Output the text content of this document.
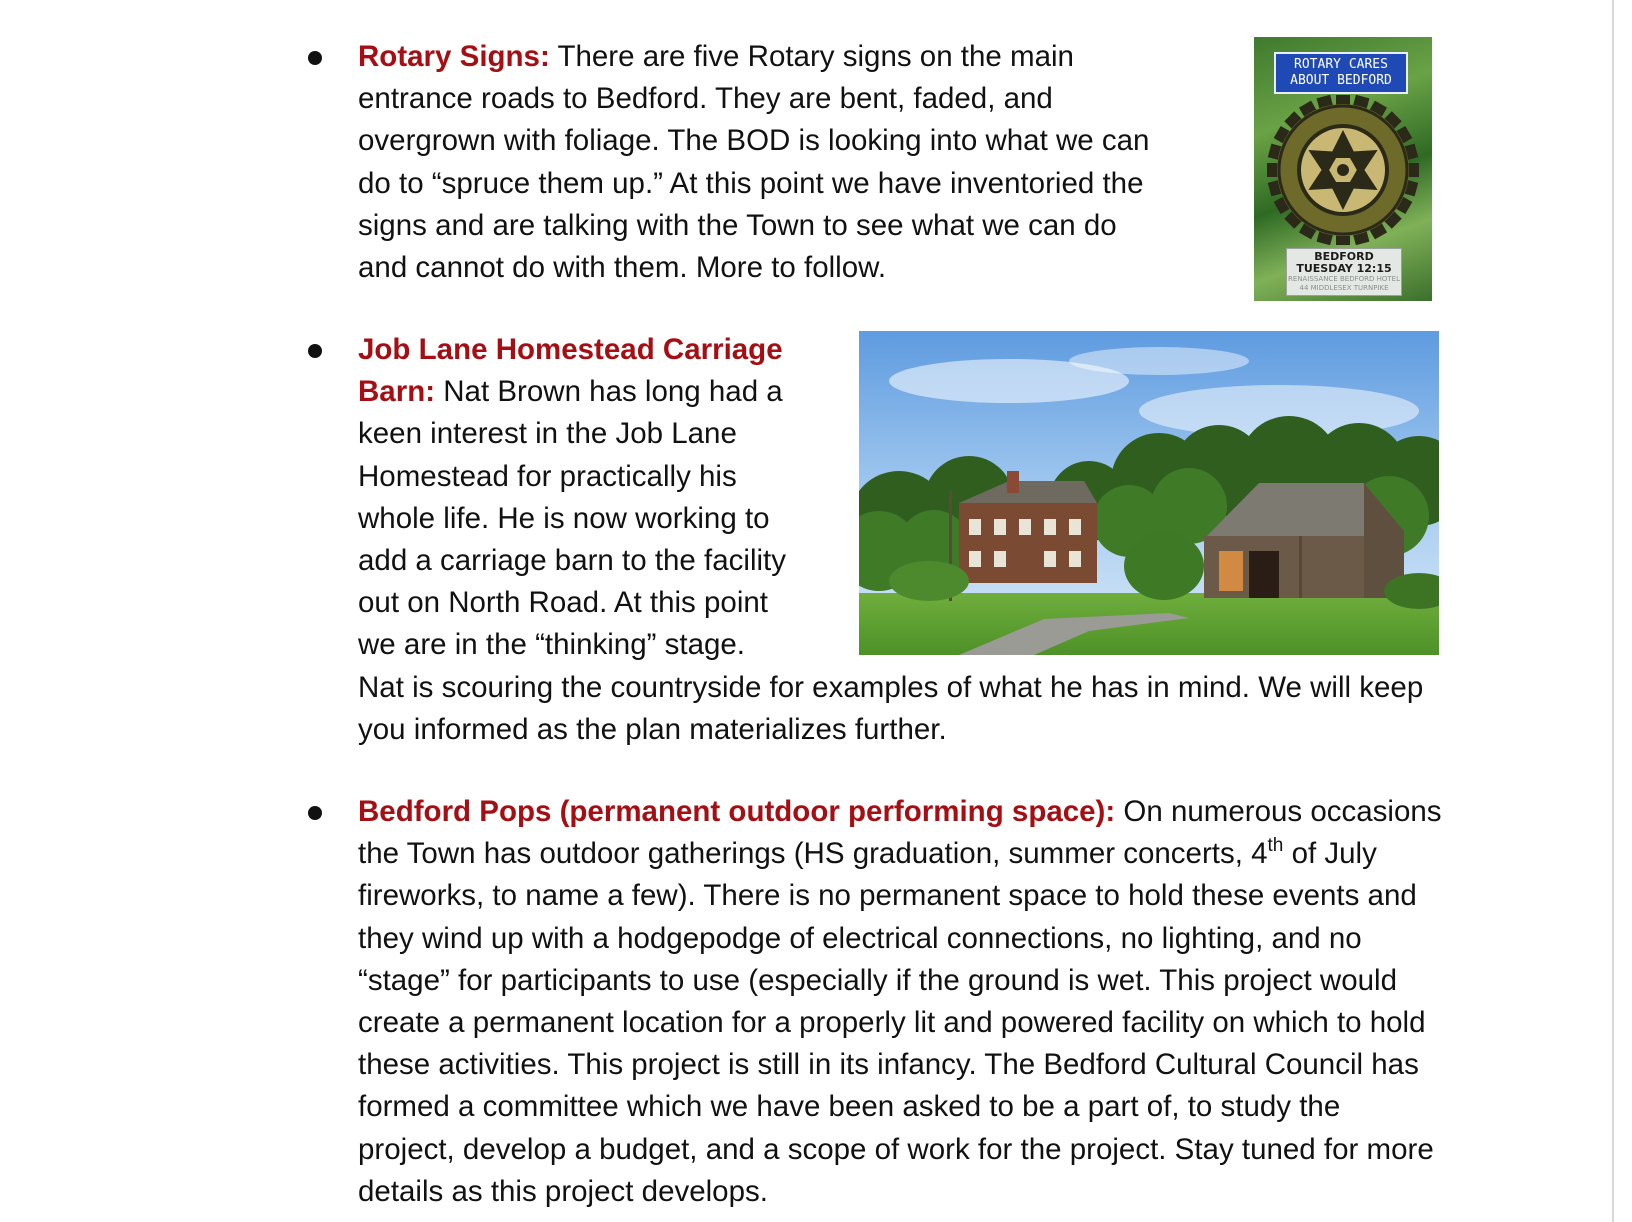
Rotary Signs: There are five Rotary signs on the main
entrance roads to Bedford. They are bent, faded, and
overgrown with foliage. The BOD is looking into what we can
do to “spruce them up.” At this point we have inventoried the
signs and are talking with the Town to see what we can do
and cannot do with them. More to follow.
ROTARY CARES
ABOUT BEDFORD
BEDFORD
TUESDAY 12:15
RENAISSANCE BEDFORD HOTEL
44 MIDDLESEX TURNPIKE
Job Lane Homestead Carriage
Barn: Nat Brown has long had a
keen interest in the Job Lane
Homestead for practically his
whole life. He is now working to
add a carriage barn to the facility
out on North Road. At this point
we are in the “thinking” stage.
Nat is scouring the countryside for examples of what he has in mind. We will keep
you informed as the plan materializes further.
Bedford Pops (permanent outdoor performing space): On numerous occasions
the Town has outdoor gatherings (HS graduation, summer concerts, 4th of July
fireworks, to name a few). There is no permanent space to hold these events and
they wind up with a hodgepodge of electrical connections, no lighting, and no
“stage” for participants to use (especially if the ground is wet. This project would
create a permanent location for a properly lit and powered facility on which to hold
these activities. This project is still in its infancy. The Bedford Cultural Council has
formed a committee which we have been asked to be a part of, to study the
project, develop a budget, and a scope of work for the project. Stay tuned for more
details as this project develops.
